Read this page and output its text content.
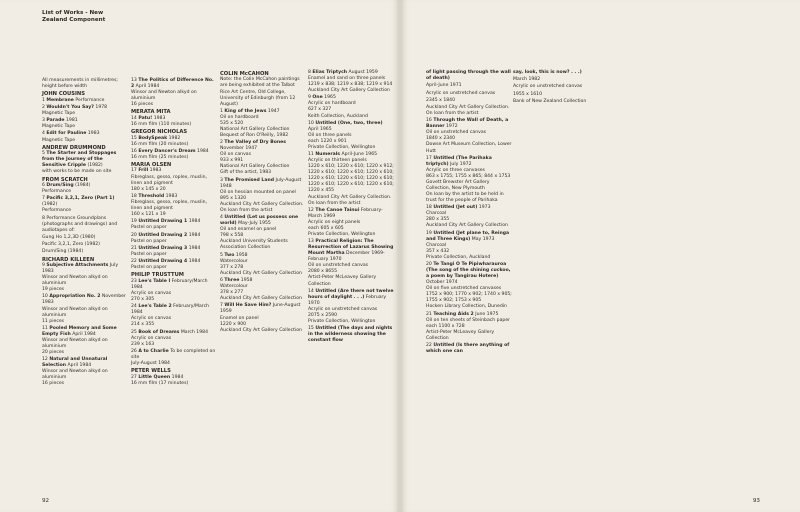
List of Works - New Zealand Component
All measurements in millimetres; height before width
JOHN COUSINS
1 Membrane Performance
2 Wouldn't You Say? 1978
Magnetic Tape
3 Parade 1981
Magnetic Tape
4 Edit for Pauline 1983
Magnetic Tape
ANDREW DRUMMOND
5 The Starter and Stoppages from the Journey of the Sensitive Cripple (1982)
with works to be made on site
FROM SCRATCH
6 Drum/Sing (1984)
Performance
7 Pacific 3,2,1, Zero (Part 1) (1982)
Performance
8 Performance Groundplans (photographs and drawings) and audiotapes of:
Gung Ho 1,2,3D (1980)
Pacific 3,2,1, Zero (1982)
Drum/Sing (1984)
RICHARD KILLEEN
9 Subjective Attachments July 1983
Winsor and Newton alkyd on aluminium
19 pieces
10 Appropriation No. 2 November 1983
Winsor and Newton alkyd on aluminium
11 pieces
11 Pooled Memory and Some Empty Fish April 1984
Winsor and Newton alkyd on aluminium
20 pieces
12 Natural and Unnatural Selection April 1984
Winsor and Newton alkyd on aluminium
16 pieces
13 The Politics of Difference No. 2 April 1984
Winsor and Newton alkyd on aluminium
16 pieces
MERATA MITA
14 Patu! 1983
16 mm film (110 minutes)
GREGOR NICHOLAS
15 BodySpeak 1982
16 mm film (20 minutes)
16 Every Dancer's Dream 1984
16 mm film (25 minutes)
MARIA OLSEN
17 Frill 1983
Fibreglass, gesso, roplex, muslin, linen and pigment
180 x 145 x 20
18 Threshold 1983
Fibreglass, gesso, roplex, muslin, linen and pigment
160 x 121 x 19
19 Untitled Drawing 1 1984
Pastel on paper
20 Untitled Drawing 2 1984
Pastel on paper
21 Untitled Drawing 3 1984
Pastel on paper
22 Untitled Drawing 4 1984
Pastel on paper
PHILIP TRUSTTUM
23 Lee's Table I February/March 1984
Acrylic on canvas
270 x 305
24 Lee's Table 2 February/March 1984
Acrylic on canvas
214 x 355
25 Book of Dreams March 1984
Acrylic on canvas
239 x 163
26 A to Charlie To be completed on site
July-August 1984
PETER WELLS
27 Little Queen 1984
16 mm film (17 minutes)
COLIN McCAHON
Note: the Colin McCahon paintings are being exhibited at the Talbot Rice Art Centre, Old College, University of Edinburgh (from 12 August)
1 King of the Jews 1947
Oil on hardboard
535 x 520
National Art Gallery Collection Bequest of Ron O'Reilly, 1982
2 The Valley of Dry Bones November 1947
Oil on canvas
933 x 991
National Art Gallery Collection
Gift of the artist, 1983
3 The Promised Land July-August 1948
Oil on hessian mounted on panel
895 x 1320
Auckland City Art Gallery Collection. On loan from the artist
4 Untitled (Let us possess one world) May-July 1955
Oil and enamel on panel
798 x 558
Auckland University Students Association Collection
5 Two 1958
Watercolour
377 x 278
Auckland City Art Gallery Collection
6 Three 1958
Watercolour
378 x 277
Auckland City Art Gallery Collection
7 Will He Save Him? June-August 1959
Enamel on panel
1220 x 900
Auckland City Art Gallery Collection
8 Elias Triptych August 1959
Enamel and sand on three panels
1219 x 838; 1219 x 838; 1219 x 914
Auckland City Art Gallery Collection
9 One 1965
Acrylic on hardboard
627 x 327
Keith Collection, Auckland
10 Untitled (One, two, three) April 1965
Oil on three panels
each 1220 x 901
Private Collection, Wellington
11 Numerals April-June 1965
Acrylic on thirteen panels
1220 x 610; 1220 x 610; 1220 x 912; 1220 x 610; 1220 x 610; 1220 x 610; 1220 x 610; 1220 x 610; 1220 x 610; 1220 x 610; 1220 x 610; 1220 x 610; 1220 x 455
Auckland City Art Gallery Collection. On loan from the artist
12 The Canoe Tainui February-March 1969
Acrylic on eight panels
each 605 x 605
Private Collection, Wellington
13 Practical Religion: The Resurrection of Lazarus Showing Mount Martha December 1969-February 1970
Oil on unstretched canvas
2080 x 8655
Artist-Peter McLeavey Gallery Collection
14 Untitled (Are there not twelve hours of daylight . . .) February 1970
Acrylic on unstretched canvas
2075 x 2590
Private Collection, Wellington
15 Untitled (The days and nights in the wilderness showing the constant flow
of light passing through the wall of death)
April-June 1971
Acrylic on unstretched canvas
2345 x 1840
Auckland City Art Gallery Collection. On loan from the artist
16 Through the Wall of Death, a Banner 1972
Oil on unstretched canvas
1840 x 2340
Dowse Art Museum Collection, Lower Hutt
17 Untitled (The Parihaka triptych) July 1972
Acrylic on three canvases
863 x 1755; 1755 x 865; 844 x 1753
Govett Brewster Art Gallery Collection, New Plymouth
On loan by the artist to be held in trust for the people of Parihaka
18 Untitled (Jet out) 1973
Charcoal
280 x 355
Auckland City Art Gallery Collection
19 Untitled (Jet plane to, Reinga and Three Kings) May 1973
Charcoal
357 x 432
Private Collection, Auckland
20 Te Tangi O Te Pipiwharauroa (The song of the shining cuckoo, a poem by Tangirau Hotere) October 1974
Oil on five unstretched canvases
1752 x 900; 1770 x 902; 1740 x 905; 1755 x 902; 1753 x 905
Hocken Library Collection, Dunedin
21 Teaching Aids 2 June 1975
Oil on ten sheets of Steinbach paper
each 1100 x 728
Artist-Peter McLeavey Gallery Collection
22 Untitled (Is there anything of which one can
say, look, this is now? . . .)
March 1982
Acrylic on unstretched canvas
1955 x 1610
Bank of New Zealand Collection
92	93
